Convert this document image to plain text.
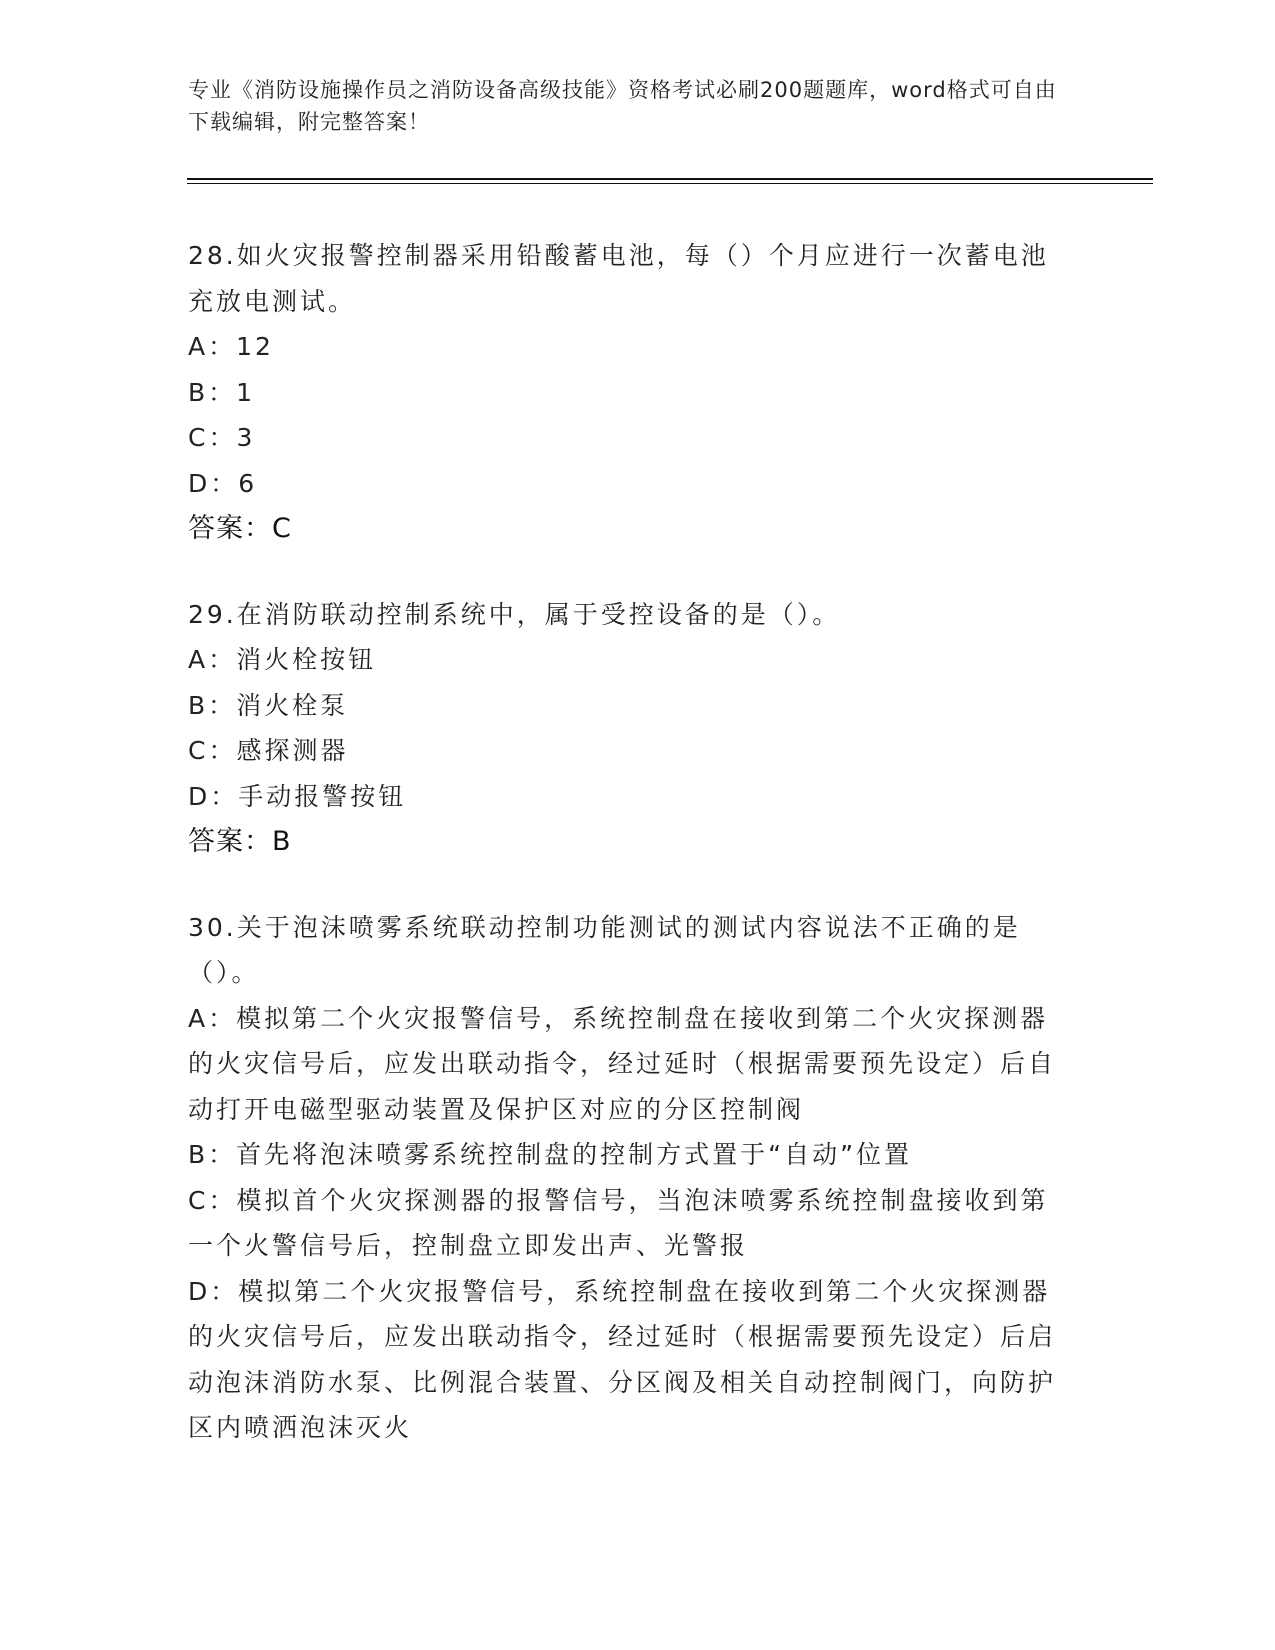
专业《消防设施操作员之消防设备高级技能》资格考试必刷200题题库，word格式可自由下载编辑，附完整答案！
28.如火灾报警控制器采用铅酸蓄电池，每（）个月应进行一次蓄电池充放电测试。
A：12
B：1
C：3
D：6
答案：C
29.在消防联动控制系统中，属于受控设备的是（）。
A：消火栓按钮
B：消火栓泵
C：感探测器
D：手动报警按钮
答案：B
30.关于泡沫喷雾系统联动控制功能测试的测试内容说法不正确的是（）。
A：模拟第二个火灾报警信号，系统控制盘在接收到第二个火灾探测器的火灾信号后，应发出联动指令，经过延时（根据需要预先设定）后自动打开电磁型驱动装置及保护区对应的分区控制阀
B：首先将泡沫喷雾系统控制盘的控制方式置于“自动”位置
C：模拟首个火灾探测器的报警信号，当泡沫喷雾系统控制盘接收到第一个火警信号后，控制盘立即发出声、光警报
D：模拟第二个火灾报警信号，系统控制盘在接收到第二个火灾探测器的火灾信号后，应发出联动指令，经过延时（根据需要预先设定）后启动泡沫消防水泵、比例混合装置、分区阀及相关自动控制阀门，向防护区内喷洒泡沫灭火
